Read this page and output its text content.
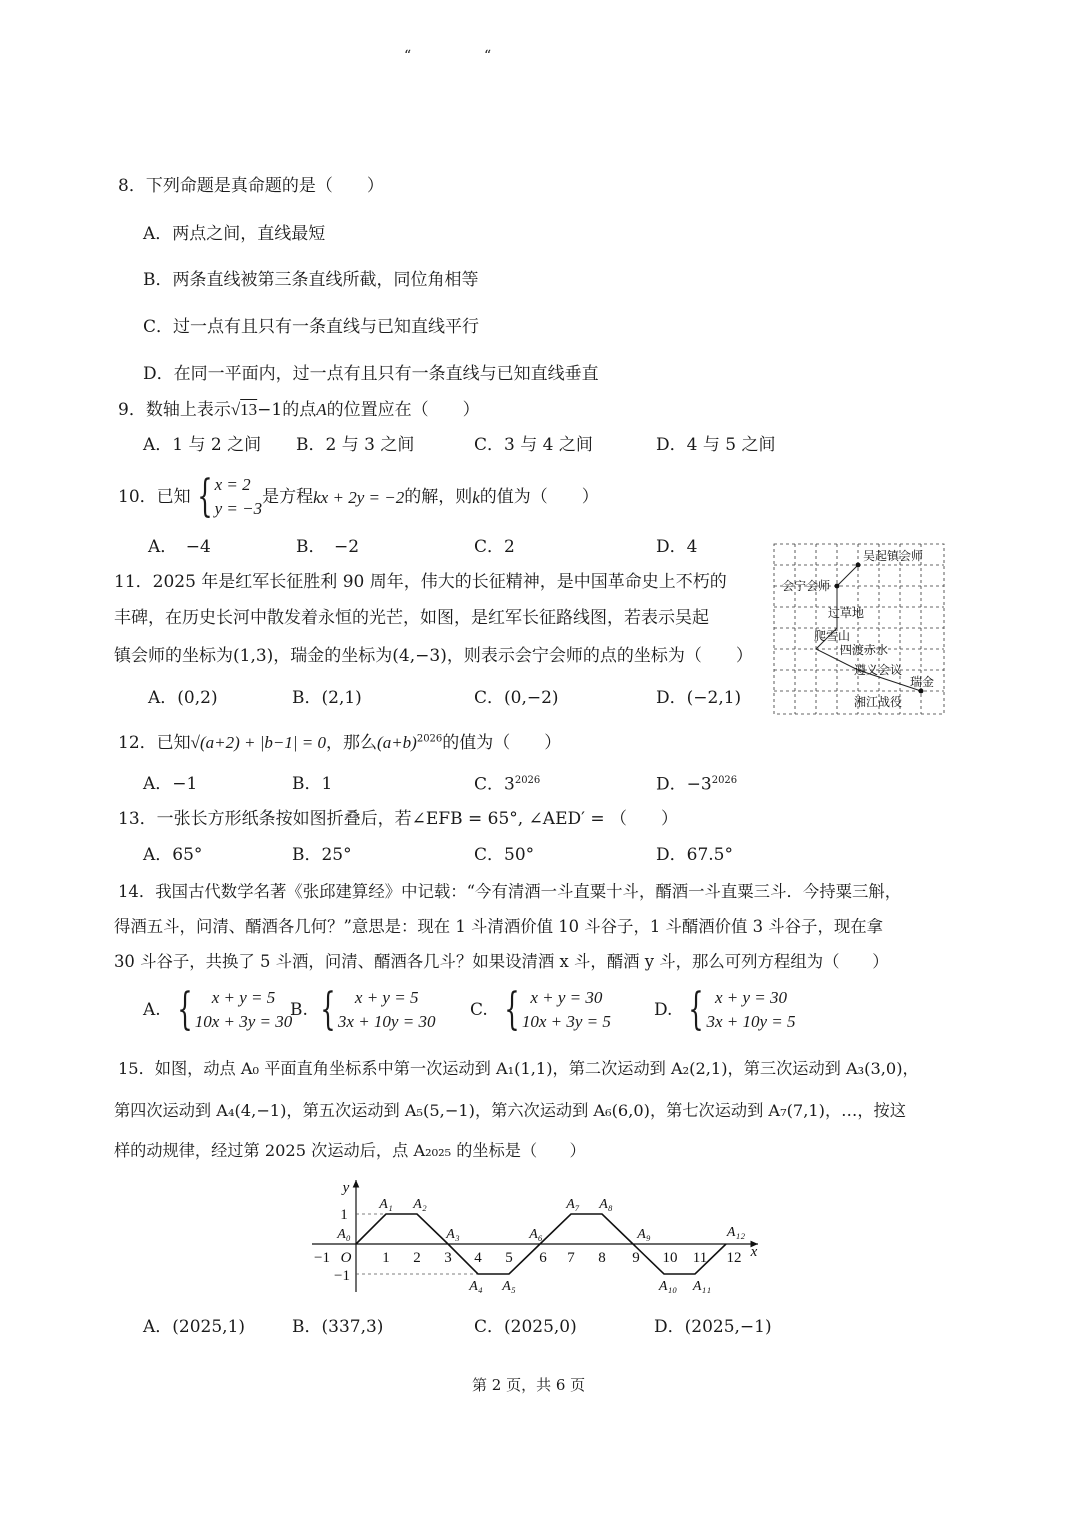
“	“
8．下列命题是真命题的是（　　）
A．两点之间，直线最短
B．两条直线被第三条直线所截，同位角相等
C．过一点有且只有一条直线与已知直线平行
D．在同一平面内，过一点有且只有一条直线与已知直线垂直
9．数轴上表示√13−1的点A的位置应在（　　）
A．1 与 2 之间 B．2 与 3 之间	C．3 与 4 之间	D．4 与 5 之间
10．已知 { x = 2
y = −3
是方程 kx + 2y = −2 的解，则 k 的值为（　　）
A．　−4	B．　−2	C．2	D．4
11．2025 年是红军长征胜利 90 周年，伟大的长征精神，是中国革命史上不朽的
丰碑，在历史长河中散发着永恒的光芒，如图，是红军长征路线图，若表示吴起
镇会师的坐标为(1,3)，瑞金的坐标为(4,−3)，则表示会宁会师的点的坐标为（　　）
A．(0,2)	B．(2,1)	C．(0,−2)	D．(−2,1)
吴起镇会师
会宁会师
过草地
爬雪山
四渡赤水
遵义会议
瑞金
湘江战役
12．已知√(a+2) + |b−1| = 0，那么$(a+b)^{2026}$的值为（　　）
A．−1	B．1	C．$3^{2026}$	D．$-3^{2026}$
13．一张长方形纸条按如图折叠后，若∠EFB = 65°, ∠AED′ = （　　）
A．65°	B．25°	C．50°	D．67.5°
14．我国古代数学名著《张邱建算经》中记载：“今有清酒一斗直粟十斗，醑酒一斗直粟三斗．今持粟三斛，
得酒五斗，问清、醑酒各几何？”意思是：现在 1 斗清酒价值 10 斗谷子，1 斗醑酒价值 3 斗谷子，现在拿
30 斗谷子，共换了 5 斗酒，问清、醑酒各几斗？如果设清酒 x 斗，醑酒 y 斗，那么可列方程组为（　　）
A. { x + y = 5
10x + 3y = 30
B. { x + y = 5
3x + 10y = 30
C. { x + y = 30
10x + 3y = 5
D. { x + y = 30
3x + 10y = 5
15．如图，动点 A₀ 平面直角坐标系中第一次运动到 A₁(1,1)，第二次运动到 A₂(2,1)，第三次运动到 A₃(3,0)，
第四次运动到 A₄(4,−1)，第五次运动到 A₅(5,−1)，第六次运动到 A₆(6,0)，第七次运动到 A₇(7,1)，…，按这
样的动规律，经过第 2025 次运动后，点 A₂₀₂₅ 的坐标是（　　）
−1 O 1 2 3 4 5 6 7 8 9 10 11 12
1
−1
x
y
A₀
A₁ A₂
A₃
A₄ A₅
A₆
A₇ A₈
A₉
A₁₀ A₁₁
A₁₂
A．(2025,1)	B．(337,3)	C．(2025,0)	D．(2025,−1)
第 2 页，共 6 页
